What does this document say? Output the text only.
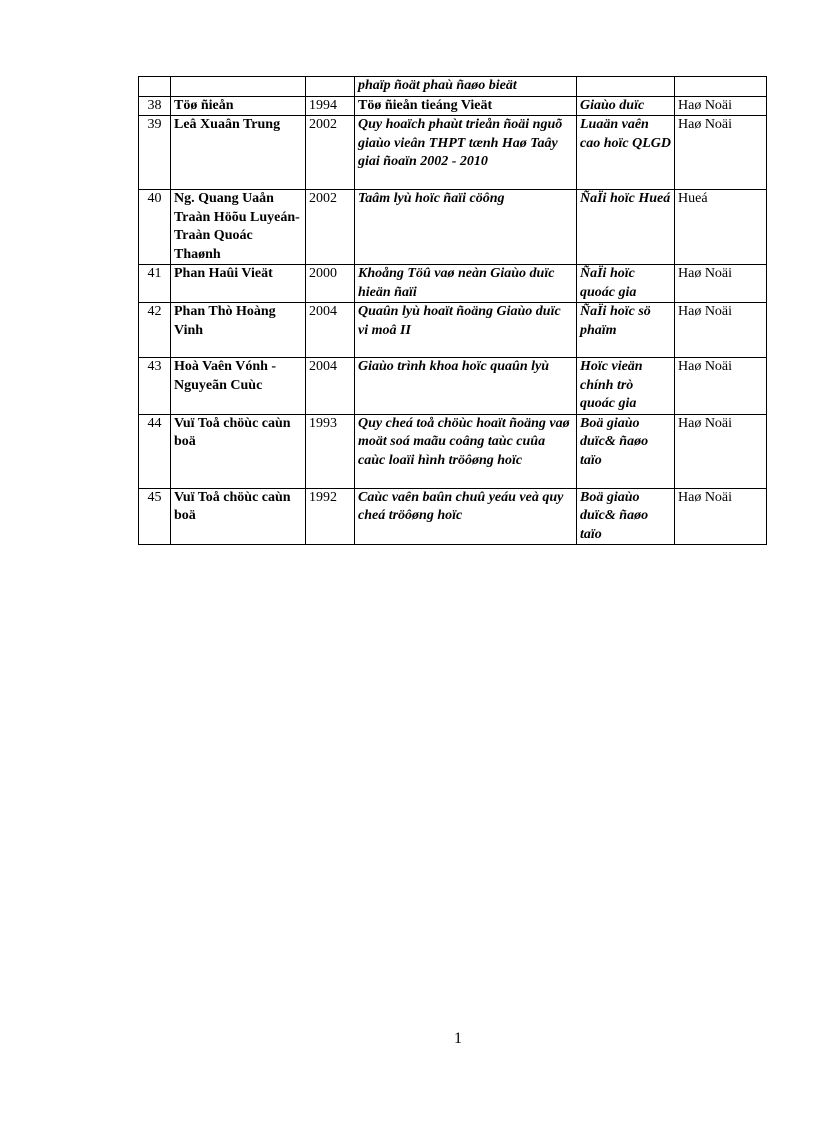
			phaïp ñoät phaù ñaøo bieät		
38	Töø ñieån	1994	Töø ñieån tieáng Vieät	Giaùo duïc	Haø Noäi
39	Leâ Xuaân Trung	2002	Quy hoaïch phaùt trieån ñoäi nguõ giaùo vieân THPT tænh Haø Taây giai ñoaïn 2002 - 2010	Luaän vaên cao hoïc QLGD	Haø Noäi
40	Ng. Quang Uaån Traàn Höõu Luyeán- Traàn Quoác Thaønh	2002	Taâm lyù hoïc ñaïi cöông	ÑaÏi hoïc Hueá	Hueá
41	Phan Haûi Vieät	2000	Khoång Töû vaø neàn Giaùo duïc hieän ñaïi	ÑaÏi hoïc quoác gia	Haø Noäi
42	Phan Thò Hoàng Vinh	2004	Quaûn lyù hoaït ñoäng Giaùo duïc vi moâ II	ÑaÏi hoïc sö phaïm	Haø Noäi
43	Hoà Vaên Vónh - Nguyeãn Cuùc	2004	Giaùo trình khoa hoïc quaûn lyù	Hoïc vieän chính trò quoác gia	Haø Noäi
44	Vuï Toå chöùc caùn boä	1993	Quy cheá toå chöùc hoaït ñoäng vaø moät soá maãu coâng taùc cuûa caùc loaïi hình tröôøng hoïc	Boä giaùo duïc& ñaøo taïo	Haø Noäi
45	Vuï Toå chöùc caùn boä	1992	Caùc vaên baûn chuû yeáu veà quy cheá tröôøng hoïc	Boä giaùo duïc& ñaøo taïo	Haø Noäi
1
